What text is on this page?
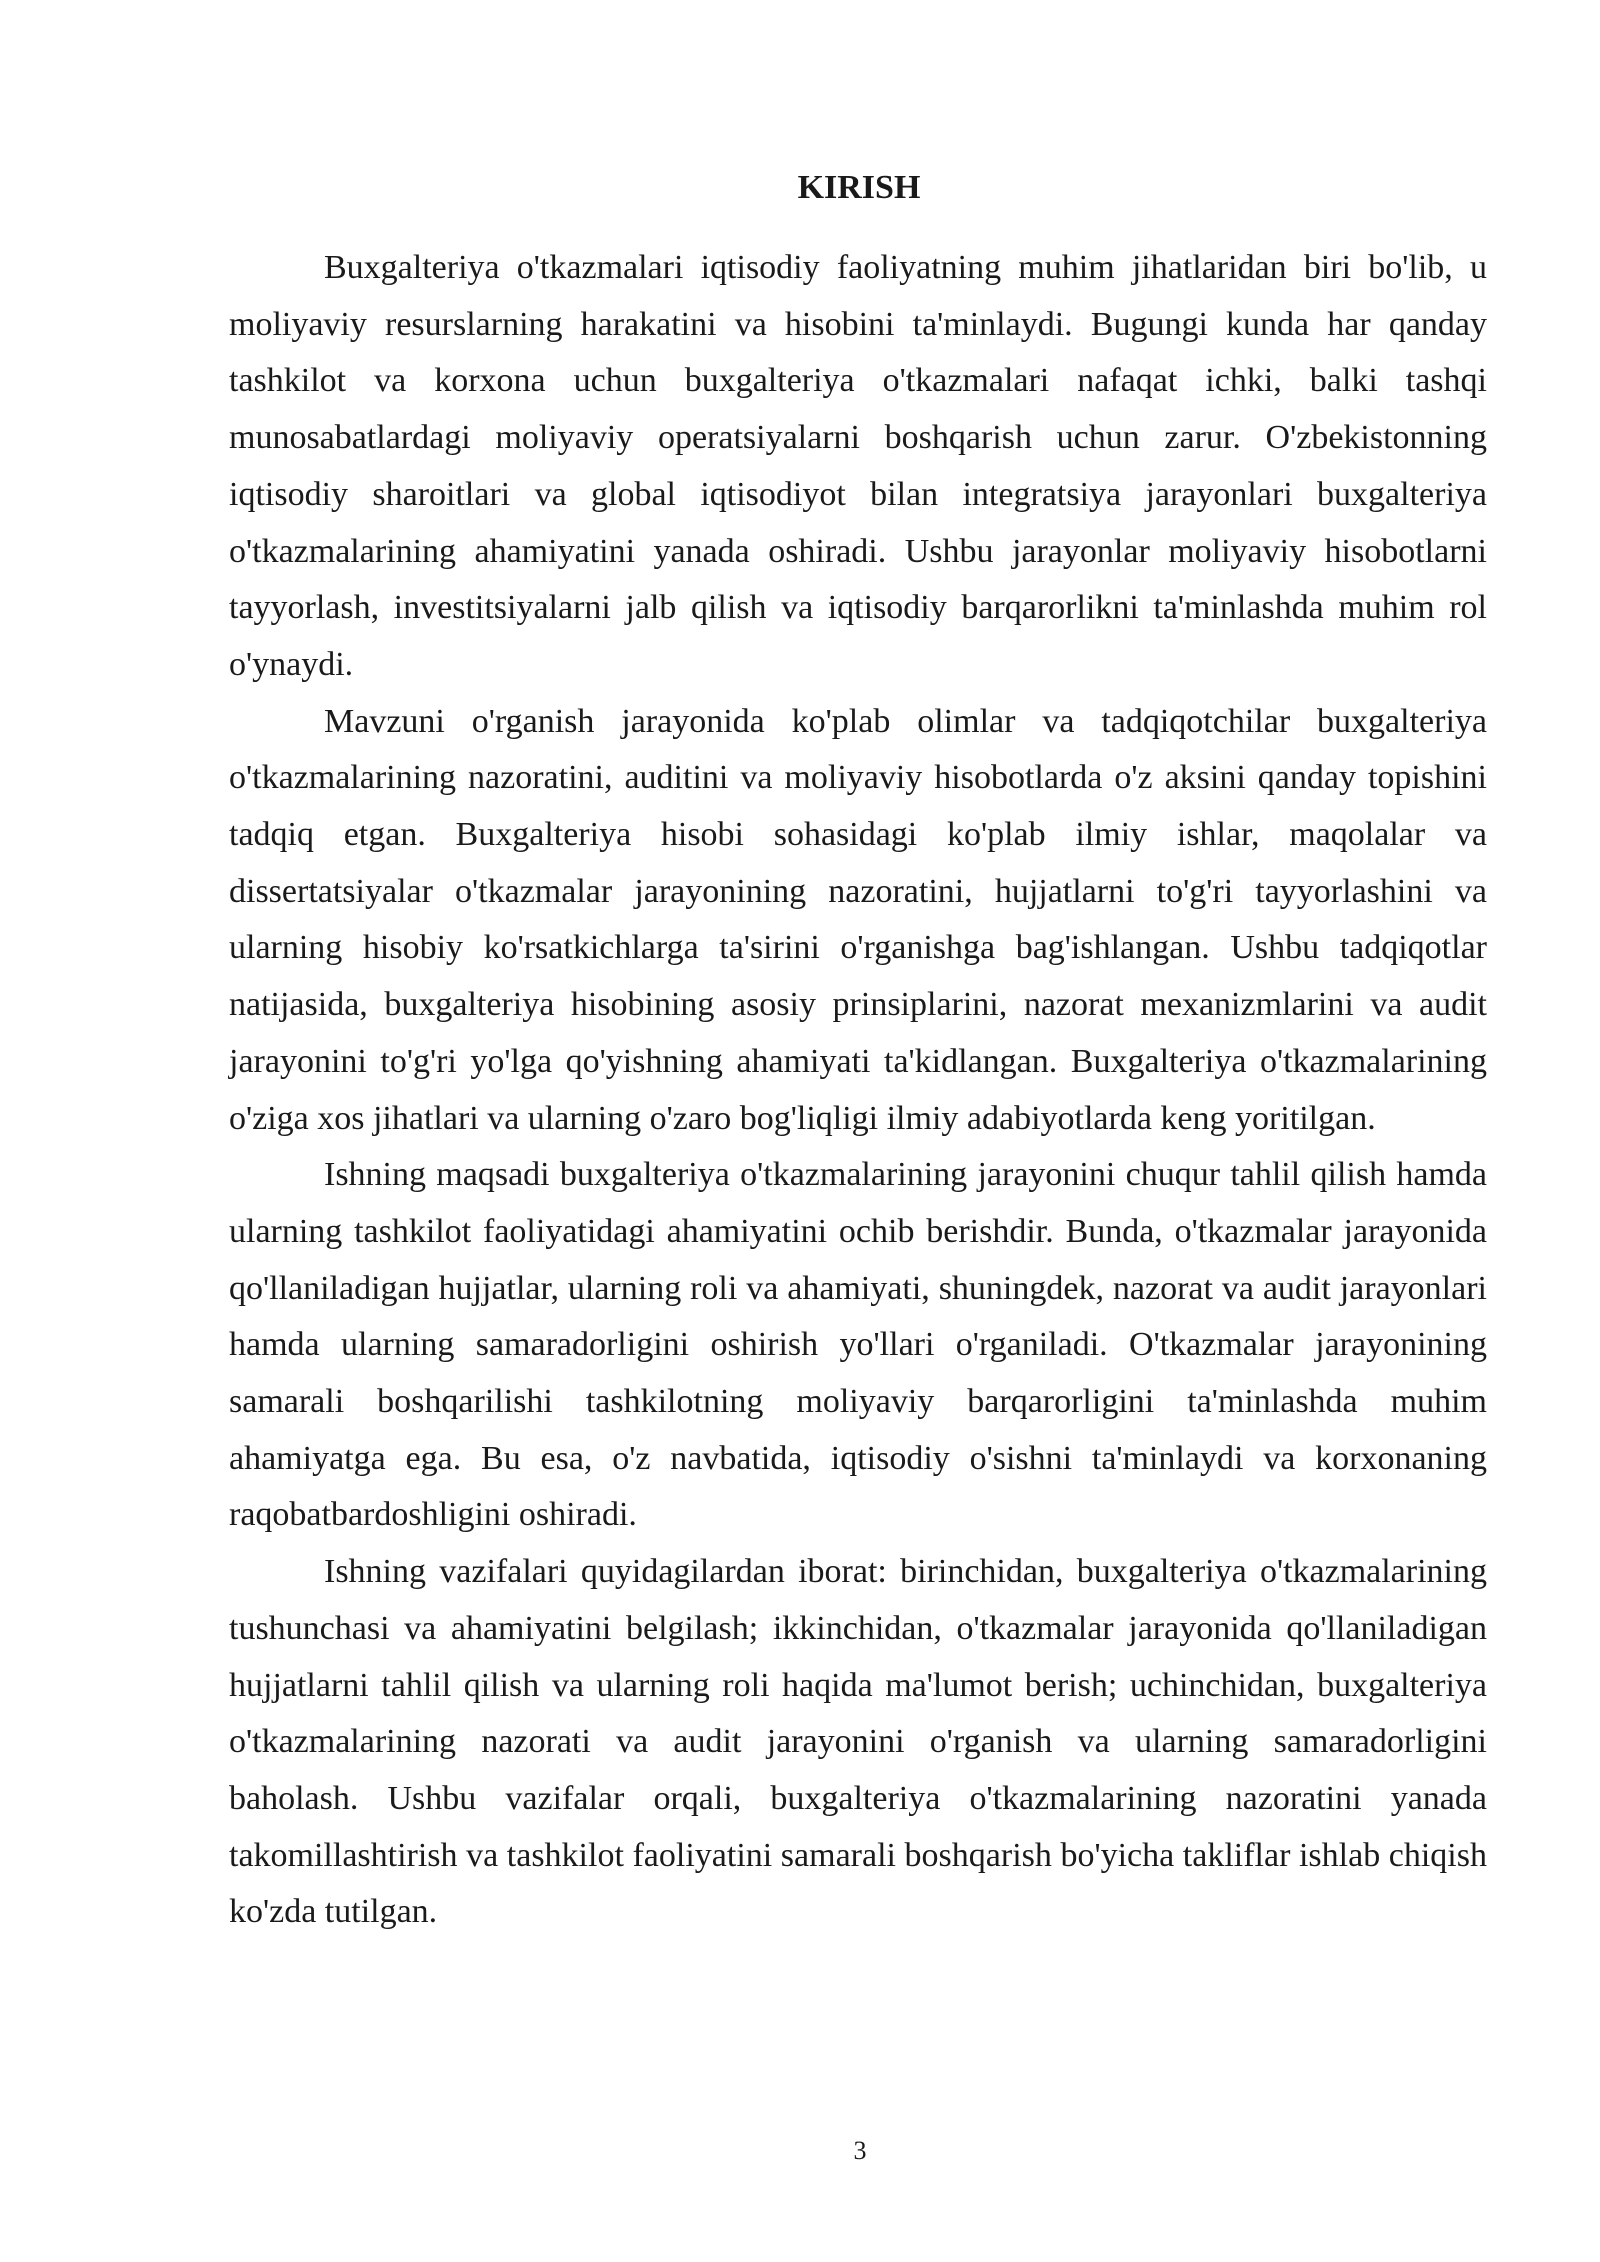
KIRISH

Buxgalteriya o'tkazmalari iqtisodiy faoliyatning muhim jihatlaridan biri bo'lib, u moliyaviy resurslarning harakatini va hisobini ta'minlaydi. Bugungi kunda har qanday tashkilot va korxona uchun buxgalteriya o'tkazmalari nafaqat ichki, balki tashqi munosabatlardagi moliyaviy operatsiyalarni boshqarish uchun zarur. O'zbekistonning iqtisodiy sharoitlari va global iqtisodiyot bilan integratsiya jarayonlari buxgalteriya o'tkazmalarining ahamiyatini yanada oshiradi. Ushbu jarayonlar moliyaviy hisobotlarni tayyorlash, investitsiyalarni jalb qilish va iqtisodiy barqarorlikni ta'minlashda muhim rol o'ynaydi.

Mavzuni o'rganish jarayonida ko'plab olimlar va tadqiqotchilar buxgalteriya o'tkazmalarining nazoratini, auditini va moliyaviy hisobotlarda o'z aksini qanday topishini tadqiq etgan. Buxgalteriya hisobi sohasidagi ko'plab ilmiy ishlar, maqolalar va dissertatsiyalar o'tkazmalar jarayonining nazoratini, hujjatlarni to'g'ri tayyorlashini va ularning hisobiy ko'rsatkichlarga ta'sirini o'rganishga bag'ishlangan. Ushbu tadqiqotlar natijasida, buxgalteriya hisobining asosiy prinsiplarini, nazorat mexanizmlarini va audit jarayonini to'g'ri yo'lga qo'yishning ahamiyati ta'kidlangan. Buxgalteriya o'tkazmalarining o'ziga xos jihatlari va ularning o'zaro bog'liqligi ilmiy adabiyotlarda keng yoritilgan.

Ishning maqsadi buxgalteriya o'tkazmalarining jarayonini chuqur tahlil qilish hamda ularning tashkilot faoliyatidagi ahamiyatini ochib berishdir. Bunda, o'tkazmalar jarayonida qo'llaniladigan hujjatlar, ularning roli va ahamiyati, shuningdek, nazorat va audit jarayonlari hamda ularning samaradorligini oshirish yo'llari o'rganiladi. O'tkazmalar jarayonining samarali boshqarilishi tashkilotning moliyaviy barqarorligini ta'minlashda muhim ahamiyatga ega. Bu esa, o'z navbatida, iqtisodiy o'sishni ta'minlaydi va korxonaning raqobatbardoshligini oshiradi.

Ishning vazifalari quyidagilardan iborat: birinchidan, buxgalteriya o'tkazmalarining tushunchasi va ahamiyatini belgilash; ikkinchidan, o'tkazmalar jarayonida qo'llaniladigan hujjatlarni tahlil qilish va ularning roli haqida ma'lumot berish; uchinchidan, buxgalteriya o'tkazmalarining nazorati va audit jarayonini o'rganish va ularning samaradorligini baholash. Ushbu vazifalar orqali, buxgalteriya o'tkazmalarining nazoratini yanada takomillashtirish va tashkilot faoliyatini samarali boshqarish bo'yicha takliflar ishlab chiqish ko'zda tutilgan.

3
